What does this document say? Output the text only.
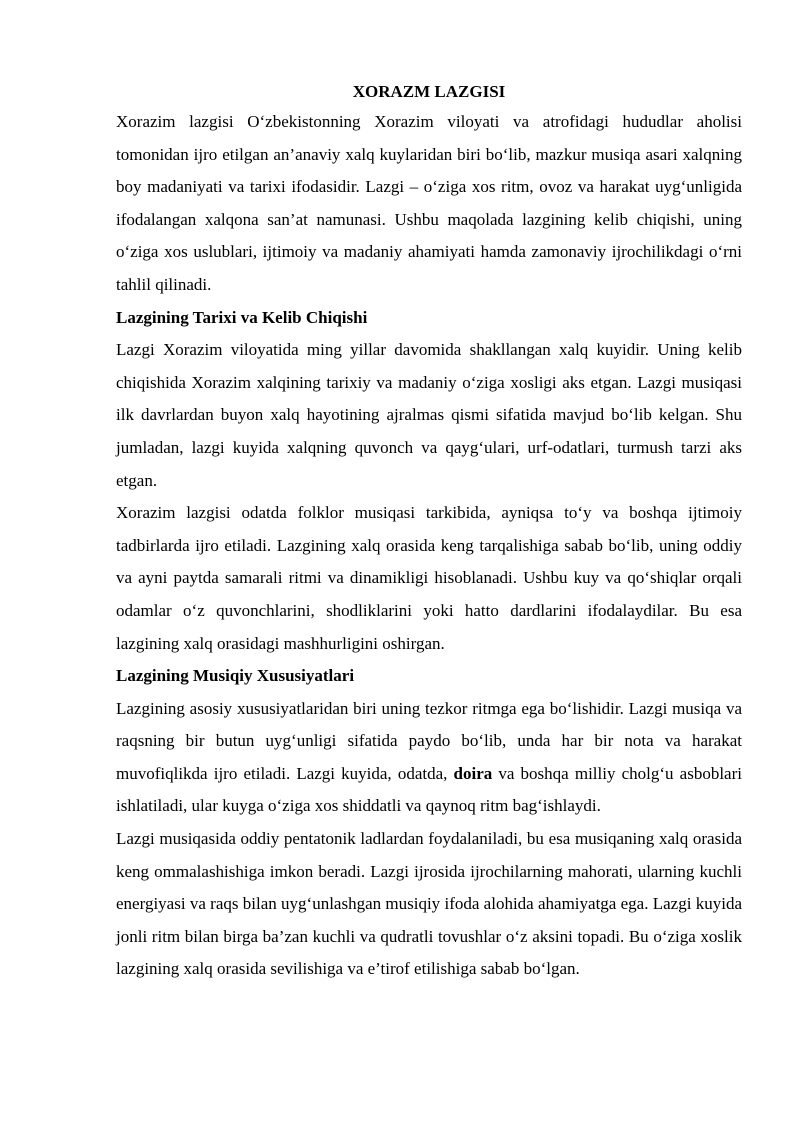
XORAZM LAZGISI

Xorazim lazgisi O‘zbekistonning Xorazim viloyati va atrofidagi hududlar aholisi tomonidan ijro etilgan an’anaviy xalq kuylaridan biri bo‘lib, mazkur musiqa asari xalqning boy madaniyati va tarixi ifodasidir. Lazgi – o‘ziga xos ritm, ovoz va harakat uyg‘unligida ifodalangan xalqona san’at namunasi. Ushbu maqolada lazgining kelib chiqishi, uning o‘ziga xos uslublari, ijtimoiy va madaniy ahamiyati hamda zamonaviy ijrochilikdagi o‘rni tahlil qilinadi.

Lazgining Tarixi va Kelib Chiqishi

Lazgi Xorazim viloyatida ming yillar davomida shakllangan xalq kuyidir. Uning kelib chiqishida Xorazim xalqining tarixiy va madaniy o‘ziga xosligi aks etgan. Lazgi musiqasi ilk davrlardan buyon xalq hayotining ajralmas qismi sifatida mavjud bo‘lib kelgan. Shu jumladan, lazgi kuyida xalqning quvonch va qayg‘ulari, urf-odatlari, turmush tarzi aks etgan.

Xorazim lazgisi odatda folklor musiqasi tarkibida, ayniqsa to‘y va boshqa ijtimoiy tadbirlarda ijro etiladi. Lazgining xalq orasida keng tarqalishiga sabab bo‘lib, uning oddiy va ayni paytda samarali ritmi va dinamikligi hisoblanadi. Ushbu kuy va qo‘shiqlar orqali odamlar o‘z quvonchlarini, shodliklarini yoki hatto dardlarini ifodalaydilar. Bu esa lazgining xalq orasidagi mashhurligini oshirgan.

Lazgining Musiqiy Xususiyatlari

Lazgining asosiy xususiyatlaridan biri uning tezkor ritmga ega bo‘lishidir. Lazgi musiqa va raqsning bir butun uyg‘unligi sifatida paydo bo‘lib, unda har bir nota va harakat muvofiqlikda ijro etiladi. Lazgi kuyida, odatda, doira va boshqa milliy cholg‘u asboblari ishlatiladi, ular kuyga o‘ziga xos shiddatli va qaynoq ritm bag‘ishlaydi.

Lazgi musiqasida oddiy pentatonik ladlardan foydalaniladi, bu esa musiqaning xalq orasida keng ommalashishiga imkon beradi. Lazgi ijrosida ijrochilarning mahorati, ularning kuchli energiyasi va raqs bilan uyg‘unlashgan musiqiy ifoda alohida ahamiyatga ega. Lazgi kuyida jonli ritm bilan birga ba’zan kuchli va qudratli tovushlar o‘z aksini topadi. Bu o‘ziga xoslik lazgining xalq orasida sevilishiga va e’tirof etilishiga sabab bo‘lgan.
